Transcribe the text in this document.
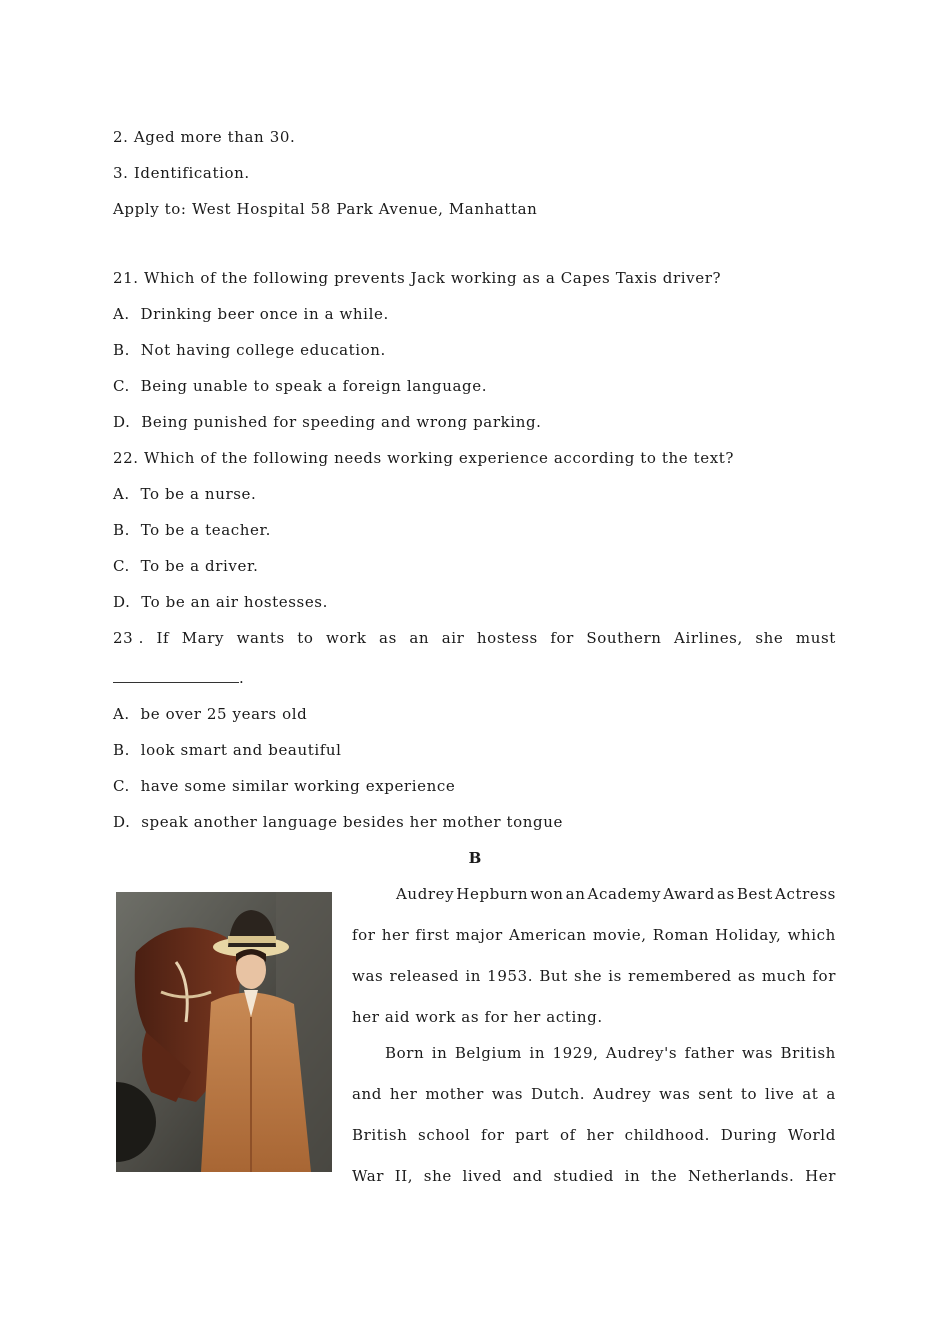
2. Aged more than 30.
3. Identification.
Apply to: West Hospital 58 Park Avenue, Manhattan
21. Which of the following prevents Jack working as a Capes Taxis driver?
A.  Drinking beer once in a while.
B.  Not having college education.
C.  Being unable to speak a foreign language.
D.  Being punished for speeding and wrong parking.
22. Which of the following needs working experience according to the text?
A.  To be a nurse.
B.  To be a teacher.
C.  To be a driver.
D.  To be an air hostesses.
23 . If Mary wants to work as an air hostess for Southern Airlines, she must
.
A.  be over 25 years old
B.  look smart and beautiful
C.  have some similar working experience
D.  speak another language besides her mother tongue
B
Audrey Hepburn won an Academy Award as Best Actress
for her first major American movie, Roman Holiday, which
was released in 1953. But she is remembered as much for
her aid work as for her acting.
Born in Belgium in 1929, Audrey's father was British
and her mother was Dutch. Audrey was sent to live at a
British school for part of her childhood. During World
War II, she lived and studied in the Netherlands. Her
